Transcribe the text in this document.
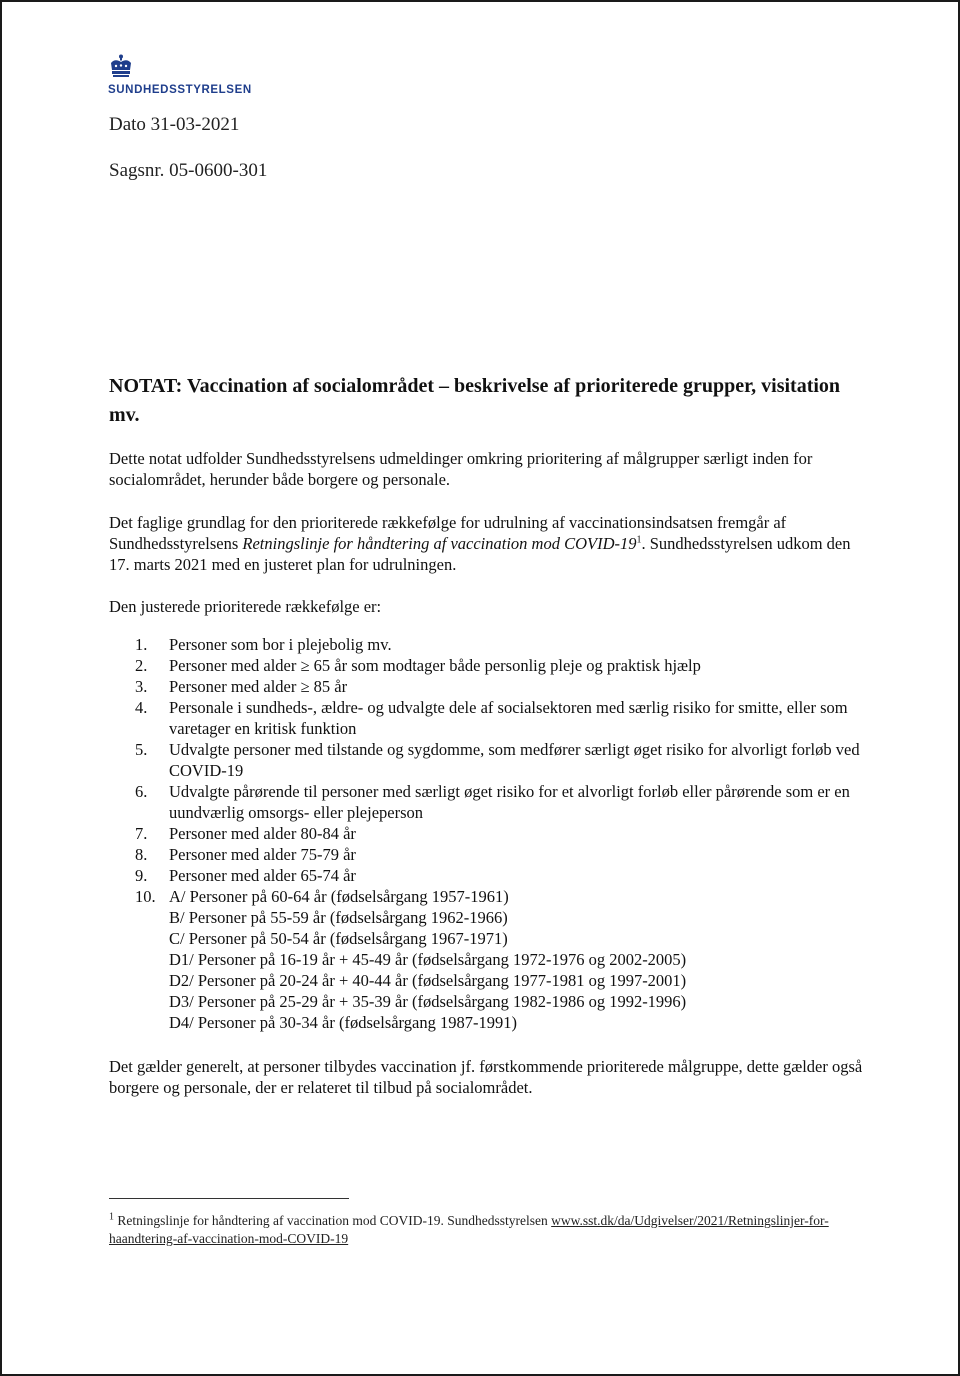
SUNDHEDSSTYRELSEN
Dato 31-03-2021
Sagsnr. 05-0600-301
NOTAT: Vaccination af socialområdet – beskrivelse af prioriterede grupper, visitation mv.

Dette notat udfolder Sundhedsstyrelsens udmeldinger omkring prioritering af målgrupper særligt inden for socialområdet, herunder både borgere og personale.

Det faglige grundlag for den prioriterede rækkefølge for udrulning af vaccinationsindsatsen fremgår af Sundhedsstyrelsens Retningslinje for håndtering af vaccination mod COVID-$19^1$. Sundhedsstyrelsen udkom den 17. marts 2021 med en justeret plan for udrulningen.

Den justerede prioriterede rækkefølge er:

1.	Personer som bor i plejebolig mv.
2.	Personer med alder ≥ 65 år som modtager både personlig pleje og praktisk hjælp
3.	Personer med alder ≥ 85 år
4.	Personale i sundheds-, ældre- og udvalgte dele af socialsektoren med særlig risiko for smitte, eller som varetager en kritisk funktion
5.	Udvalgte personer med tilstande og sygdomme, som medfører særligt øget risiko for alvorligt forløb ved COVID-19
6.	Udvalgte pårørende til personer med særligt øget risiko for et alvorligt forløb eller pårørende som er en uundværlig omsorgs- eller plejeperson
7.	Personer med alder 80-84 år
8.	Personer med alder 75-79 år
9.	Personer med alder 65-74 år
10. A/ Personer på 60-64 år (fødselsårgang 1957-1961)
B/ Personer på 55-59 år (fødselsårgang 1962-1966)
C/ Personer på 50-54 år (fødselsårgang 1967-1971)
D1/ Personer på 16-19 år + 45-49 år (fødselsårgang 1972-1976 og 2002-2005)
D2/ Personer på 20-24 år + 40-44 år (fødselsårgang 1977-1981 og 1997-2001)
D3/ Personer på 25-29 år + 35-39 år (fødselsårgang 1982-1986 og 1992-1996)
D4/ Personer på 30-34 år (fødselsårgang 1987-1991)

Det gælder generelt, at personer tilbydes vaccination jf. førstkommende prioriterede målgruppe, dette gælder også borgere og personale, der er relateret til tilbud på socialområdet.

$^1$ Retningslinje for håndtering af vaccination mod COVID-19. Sundhedsstyrelsen www.sst.dk/da/Udgivelser/2021/Retningslinjer-for-haandtering-af-vaccination-mod-COVID-19
